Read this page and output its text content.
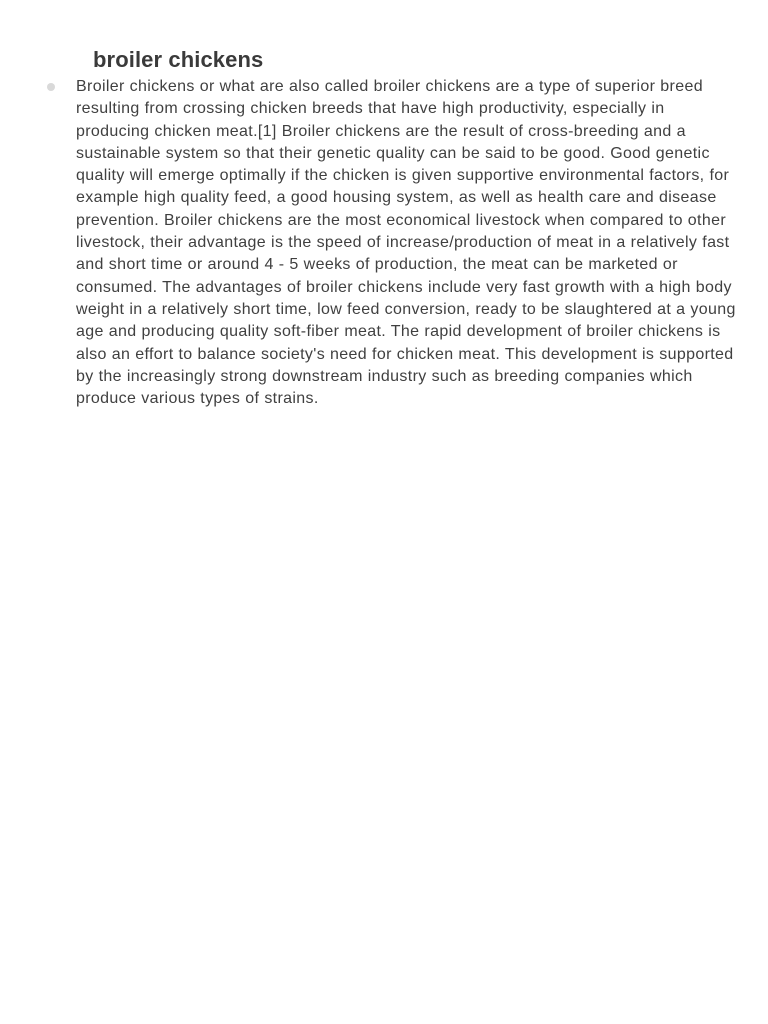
broiler chickens

Broiler chickens or what are also called broiler chickens are a type of superior breed resulting from crossing chicken breeds that have high productivity, especially in producing chicken meat.[1] Broiler chickens are the result of cross-breeding and a sustainable system so that their genetic quality can be said to be good. Good genetic quality will emerge optimally if the chicken is given supportive environmental factors, for example high quality feed, a good housing system, as well as health care and disease prevention. Broiler chickens are the most economical livestock when compared to other livestock, their advantage is the speed of increase/production of meat in a relatively fast and short time or around 4 - 5 weeks of production, the meat can be marketed or consumed. The advantages of broiler chickens include very fast growth with a high body weight in a relatively short time, low feed conversion, ready to be slaughtered at a young age and producing quality soft-fiber meat. The rapid development of broiler chickens is also an effort to balance society's need for chicken meat. This development is supported by the increasingly strong downstream industry such as breeding companies which produce various types of strains.
